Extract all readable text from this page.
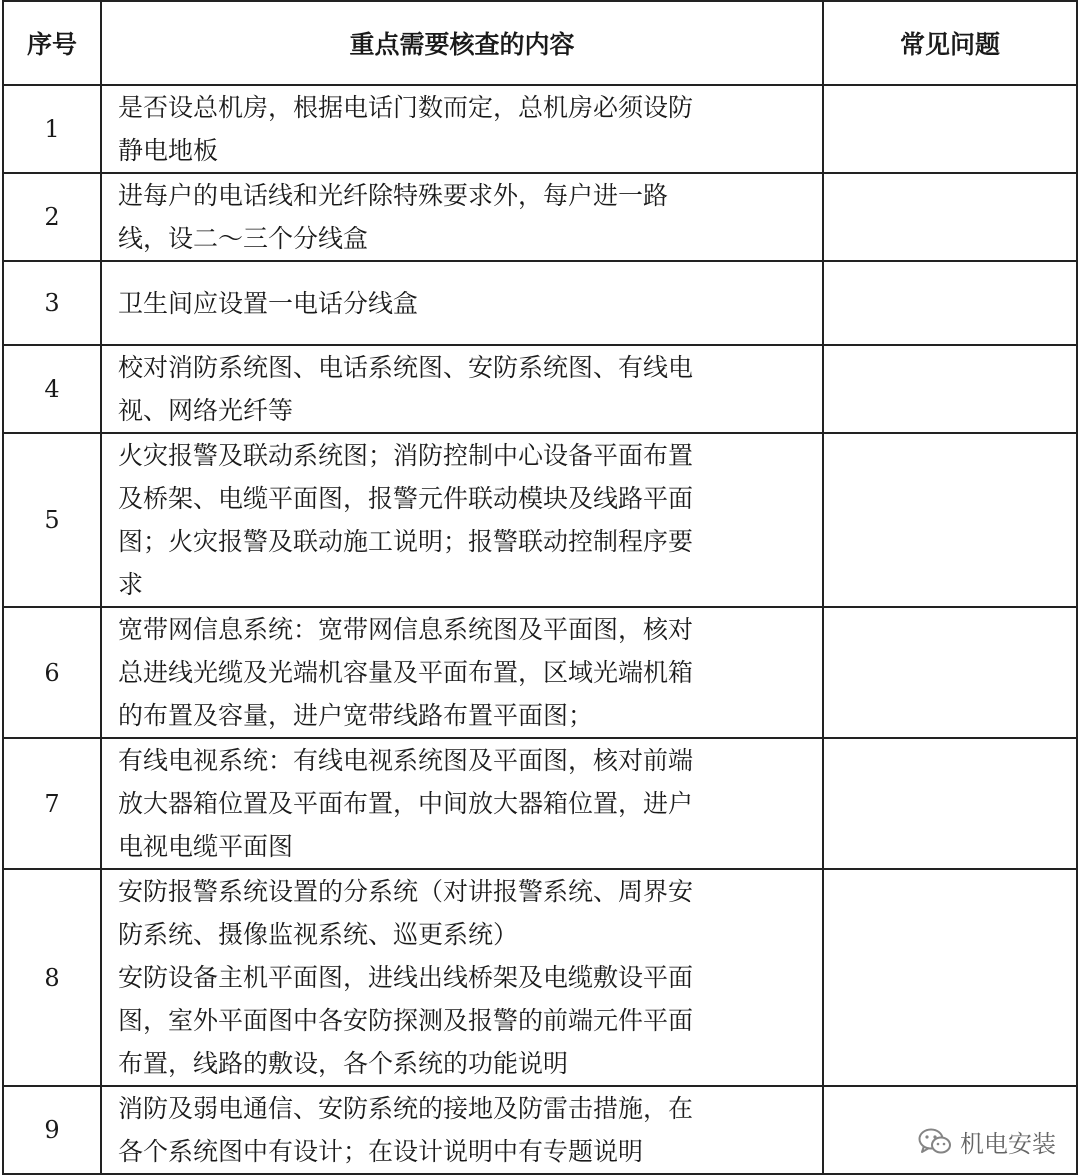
序号	重点需要核查的内容	常见问题
1	是否设总机房，根据电话门数而定，总机房必须设防
静电地板	
2	进每户的电话线和光纤除特殊要求外，每户进一路
线，设二～三个分线盒	
3	卫生间应设置一电话分线盒	
4	校对消防系统图、电话系统图、安防系统图、有线电
视、网络光纤等	
5	火灾报警及联动系统图；消防控制中心设备平面布置
及桥架、电缆平面图，报警元件联动模块及线路平面
图；火灾报警及联动施工说明；报警联动控制程序要
求	
6	宽带网信息系统：宽带网信息系统图及平面图，核对
总进线光缆及光端机容量及平面布置，区域光端机箱
的布置及容量，进户宽带线路布置平面图；	
7	有线电视系统：有线电视系统图及平面图，核对前端
放大器箱位置及平面布置，中间放大器箱位置，进户
电视电缆平面图	
8	安防报警系统设置的分系统（对讲报警系统、周界安
防系统、摄像监视系统、巡更系统）
安防设备主机平面图，进线出线桥架及电缆敷设平面
图，室外平面图中各安防探测及报警的前端元件平面
布置，线路的敷设，各个系统的功能说明	
9	消防及弱电通信、安防系统的接地及防雷击措施，在
各个系统图中有设计；在设计说明中有专题说明	机电安装
